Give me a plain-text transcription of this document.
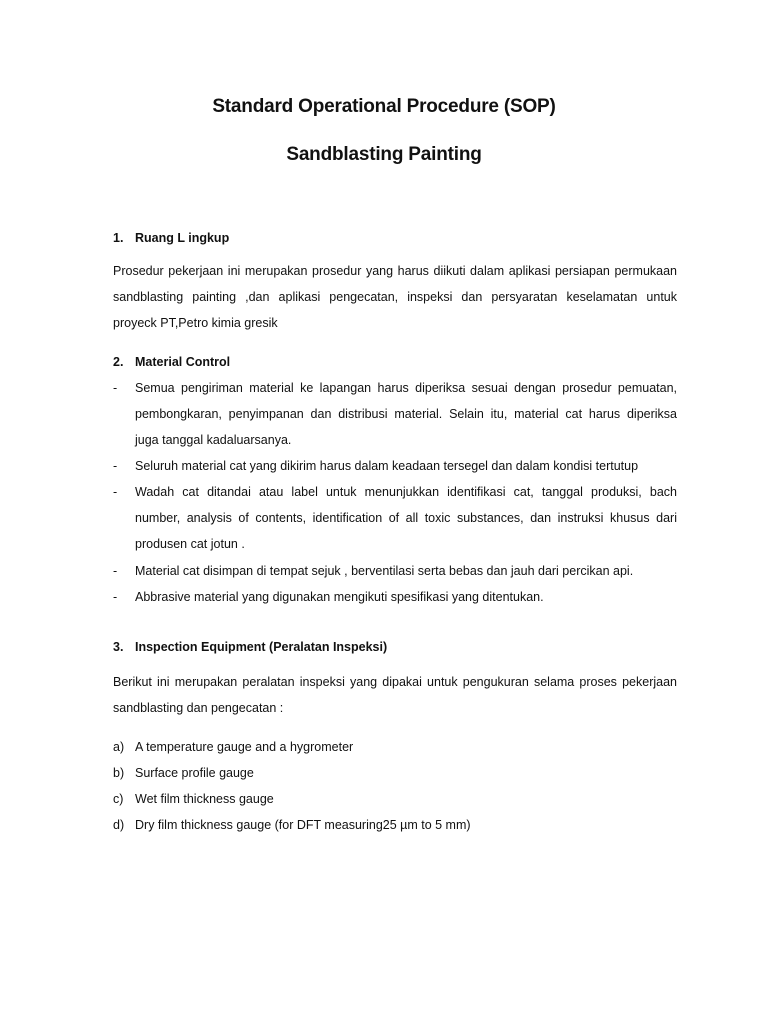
Standard Operational Procedure (SOP)
Sandblasting Painting
1. Ruang L ingkup
Prosedur pekerjaan ini merupakan prosedur yang harus diikuti dalam aplikasi persiapan permukaan
sandblasting painting ,dan aplikasi pengecatan, inspeksi dan persyaratan keselamatan untuk
proyeck PT,Petro kimia gresik
2. Material Control
- Semua pengiriman material ke lapangan harus diperiksa sesuai dengan prosedur pemuatan,
pembongkaran, penyimpanan dan distribusi material. Selain itu, material cat harus diperiksa
juga tanggal kadaluarsanya.
- Seluruh material cat yang dikirim harus dalam keadaan tersegel dan dalam kondisi tertutup
- Wadah cat ditandai atau label untuk menunjukkan identifikasi cat, tanggal produksi, bach
number, analysis of contents, identification of all toxic substances, dan instruksi khusus dari
produsen cat jotun .
- Material cat disimpan di tempat sejuk , berventilasi serta bebas dan jauh dari percikan api.
- Abbrasive material yang digunakan mengikuti spesifikasi yang ditentukan.
3. Inspection Equipment (Peralatan Inspeksi)
Berikut ini merupakan peralatan inspeksi yang dipakai untuk pengukuran selama proses pekerjaan
sandblasting dan pengecatan :
a) A temperature gauge and a hygrometer
b) Surface profile gauge
c) Wet film thickness gauge
d) Dry film thickness gauge (for DFT measuring25 µm to 5 mm)
